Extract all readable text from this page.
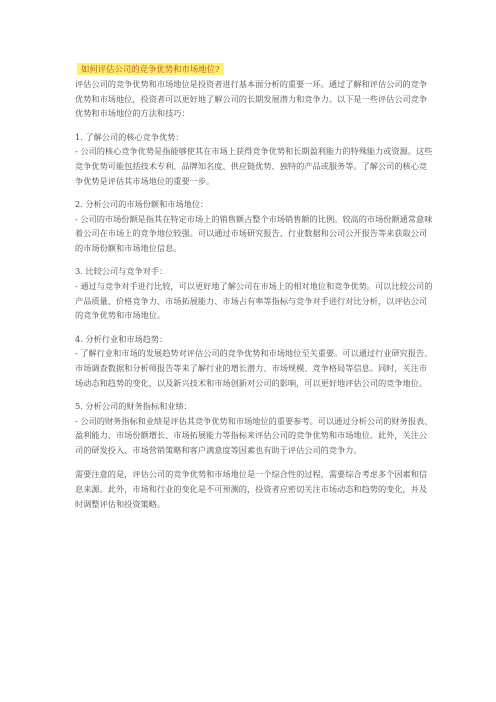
如何评估公司的竞争优势和市场地位?

评估公司的竞争优势和市场地位是投资者进行基本面分析的重要一环。通过了解和评估公司的竞争优势和市场地位，投资者可以更好地了解公司的长期发展潜力和竞争力。以下是一些评估公司竞争优势和市场地位的方法和技巧：

1. 了解公司的核心竞争优势：

- 公司的核心竞争优势是指能够使其在市场上获得竞争优势和长期盈利能力的特殊能力或资源。这些竞争优势可能包括技术专利、品牌知名度、供应链优势、独特的产品或服务等。了解公司的核心竞争优势是评估其市场地位的重要一步。

2. 分析公司的市场份额和市场地位：

- 公司的市场份额是指其在特定市场上的销售额占整个市场销售额的比例。较高的市场份额通常意味着公司在市场上的竞争地位较强。可以通过市场研究报告、行业数据和公司公开报告等来获取公司的市场份额和市场地位信息。

3. 比较公司与竞争对手：

- 通过与竞争对手进行比较，可以更好地了解公司在市场上的相对地位和竞争优势。可以比较公司的产品质量、价格竞争力、市场拓展能力、市场占有率等指标与竞争对手进行对比分析，以评估公司的竞争优势和市场地位。

4. 分析行业和市场趋势：

- 了解行业和市场的发展趋势对评估公司的竞争优势和市场地位至关重要。可以通过行业研究报告、市场调查数据和分析师报告等来了解行业的增长潜力、市场规模、竞争格局等信息。同时，关注市场动态和趋势的变化，以及新兴技术和市场创新对公司的影响，可以更好地评估公司的竞争地位。

5. 分析公司的财务指标和业绩：

- 公司的财务指标和业绩是评估其竞争优势和市场地位的重要参考。可以通过分析公司的财务报表、盈利能力、市场份额增长、市场拓展能力等指标来评估公司的竞争优势和市场地位。此外，关注公司的研发投入、市场营销策略和客户满意度等因素也有助于评估公司的竞争力。

需要注意的是，评估公司的竞争优势和市场地位是一个综合性的过程，需要综合考虑多个因素和信息来源。此外，市场和行业的变化是不可预测的，投资者应密切关注市场动态和趋势的变化，并及时调整评估和投资策略。
